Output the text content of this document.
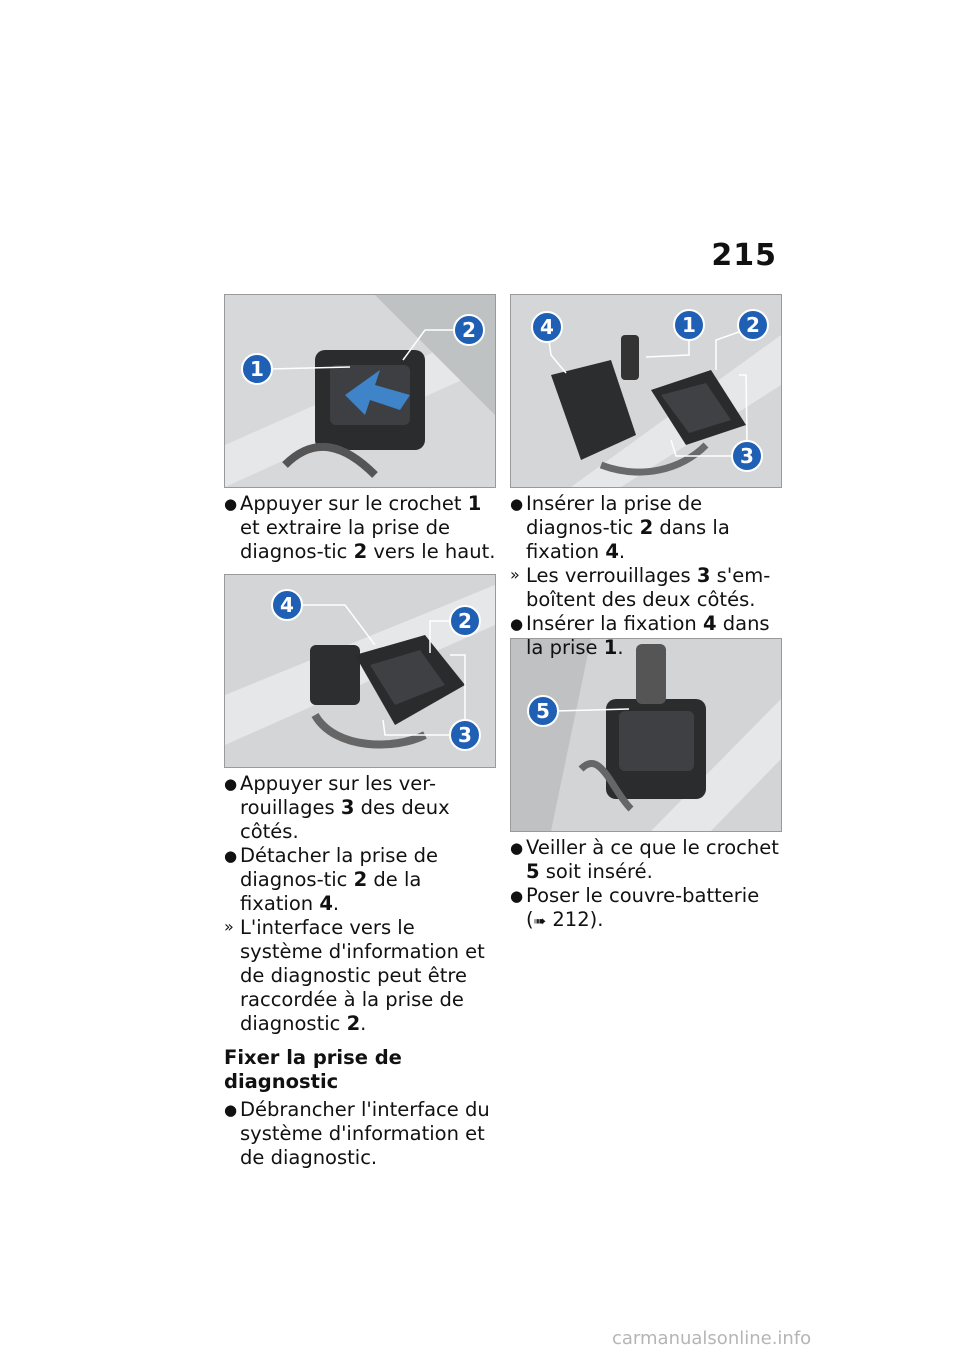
215
1
2
4
2
3
4	1	2
3
5

● Appuyer sur le crochet 1 et extraire la prise de diagnos-tic 2 vers le haut.

● Appuyer sur les ver-rouillages 3 des deux côtés.

● Détacher la prise de diagnos-tic 2 de la fixation 4.

» L'interface vers le système d'information et de diagnostic peut être raccordée à la prise de diagnostic 2.

Fixer la prise de diagnostic

● Débrancher l'interface du système d'information et de diagnostic.

● Insérer la prise de diagnos-tic 2 dans la fixation 4.

» Les verrouillages 3 s'em-boîtent des deux côtés.

● Insérer la fixation 4 dans la prise 1.

● Veiller à ce que le crochet 5 soit inséré.

● Poser le couvre-batterie (➠ 212).

carmanualsonline.info
